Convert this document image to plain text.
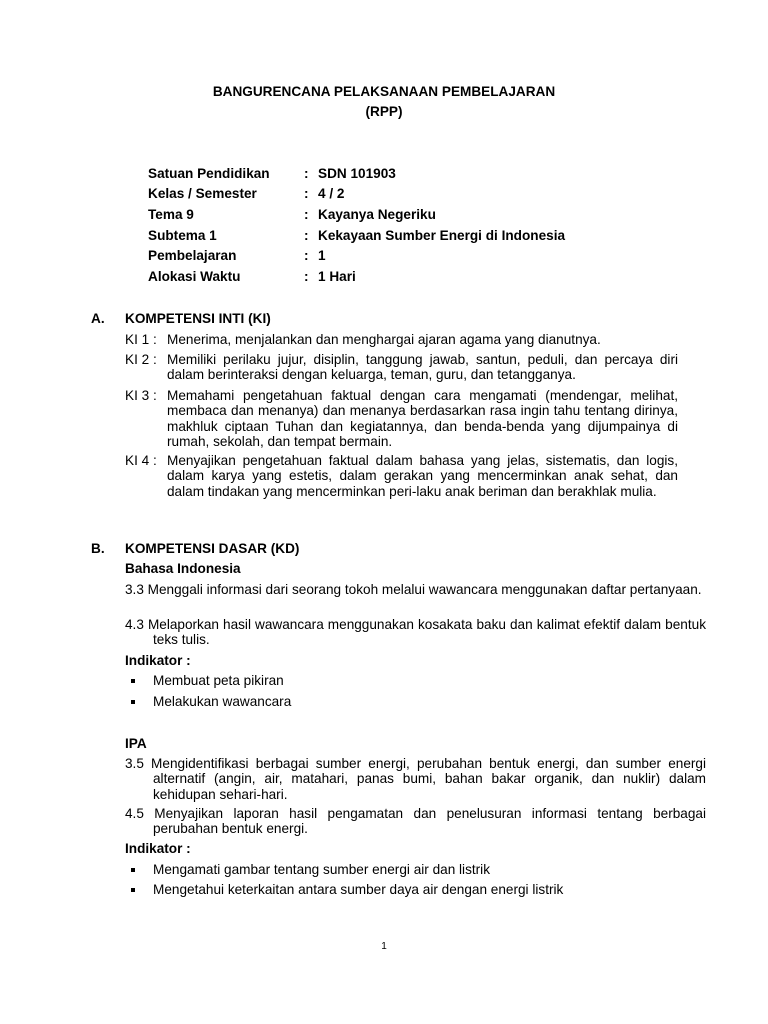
BANGURENCANA PELAKSANAAN PEMBELAJARAN
(RPP)
Satuan Pendidikan	: SDN 101903
Kelas / Semester	: 4 / 2
Tema 9	: Kayanya Negeriku
Subtema 1	: Kekayaan Sumber Energi di Indonesia
Pembelajaran	: 1
Alokasi Waktu	: 1 Hari
A. KOMPETENSI INTI (KI)
KI 1 : Menerima, menjalankan dan menghargai ajaran agama yang dianutnya.
KI 2 : Memiliki perilaku jujur, disiplin, tanggung jawab, santun, peduli, dan percaya diri dalam berinteraksi dengan keluarga, teman, guru, dan tetangganya.
KI 3 : Memahami pengetahuan faktual dengan cara mengamati (mendengar, melihat, membaca dan menanya) dan menanya berdasarkan rasa ingin tahu tentang dirinya, makhluk ciptaan Tuhan dan kegiatannya, dan benda-benda yang dijumpainya di rumah, sekolah, dan tempat bermain.
KI 4 : Menyajikan pengetahuan faktual dalam bahasa yang jelas, sistematis, dan logis, dalam karya yang estetis, dalam gerakan yang mencerminkan anak sehat, dan dalam tindakan yang mencerminkan peri-laku anak beriman dan berakhlak mulia.
B. KOMPETENSI DASAR (KD)
Bahasa Indonesia
3.3 Menggali informasi dari seorang tokoh melalui wawancara menggunakan daftar pertanyaan.
4.3 Melaporkan hasil wawancara menggunakan kosakata baku dan kalimat efektif dalam bentuk teks tulis.
Indikator :
Membuat peta pikiran
Melakukan wawancara
IPA
3.5 Mengidentifikasi berbagai sumber energi, perubahan bentuk energi, dan sumber energi alternatif (angin, air, matahari, panas bumi, bahan bakar organik, dan nuklir) dalam kehidupan sehari-hari.
4.5 Menyajikan laporan hasil pengamatan dan penelusuran informasi tentang berbagai perubahan bentuk energi.
Indikator :
Mengamati gambar tentang sumber energi air dan listrik
Mengetahui keterkaitan antara sumber daya air dengan energi listrik
1
